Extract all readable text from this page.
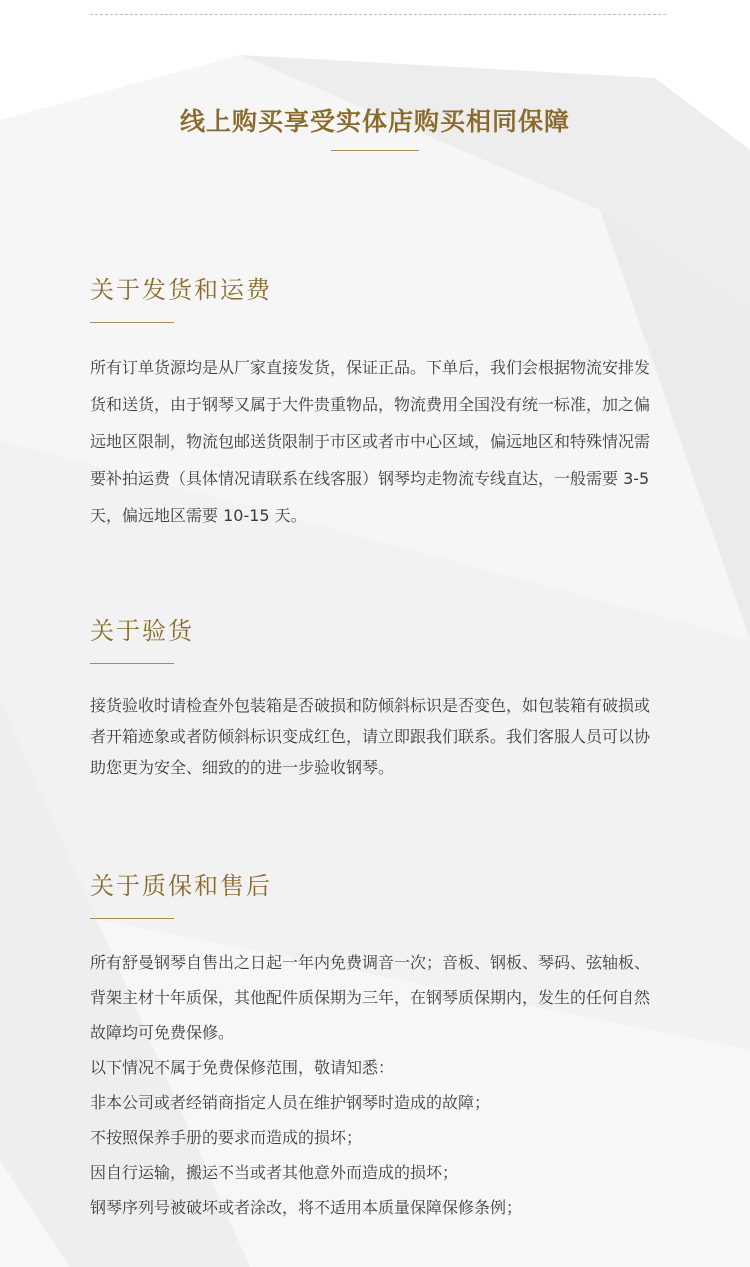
线上购买享受实体店购买相同保障
关于发货和运费

所有订单货源均是从厂家直接发货，保证正品。下单后，我们会根据物流安排发货和送货，由于钢琴又属于大件贵重物品，物流费用全国没有统一标准，加之偏远地区限制，物流包邮送货限制于市区或者市中心区域，偏远地区和特殊情况需要补拍运费（具体情况请联系在线客服）钢琴均走物流专线直达，一般需要 3-5 天，偏远地区需要 10-15 天。

关于验货

接货验收时请检查外包装箱是否破损和防倾斜标识是否变色，如包装箱有破损或者开箱迹象或者防倾斜标识变成红色，请立即跟我们联系。我们客服人员可以协助您更为安全、细致的的进一步验收钢琴。

关于质保和售后

所有舒曼钢琴自售出之日起一年内免费调音一次；音板、钢板、琴码、弦轴板、背架主材十年质保，其他配件质保期为三年，在钢琴质保期内，发生的任何自然故障均可免费保修。

以下情况不属于免费保修范围，敬请知悉：

非本公司或者经销商指定人员在维护钢琴时造成的故障；

不按照保养手册的要求而造成的损坏；

因自行运输，搬运不当或者其他意外而造成的损坏；

钢琴序列号被破坏或者涂改，将不适用本质量保障保修条例；
